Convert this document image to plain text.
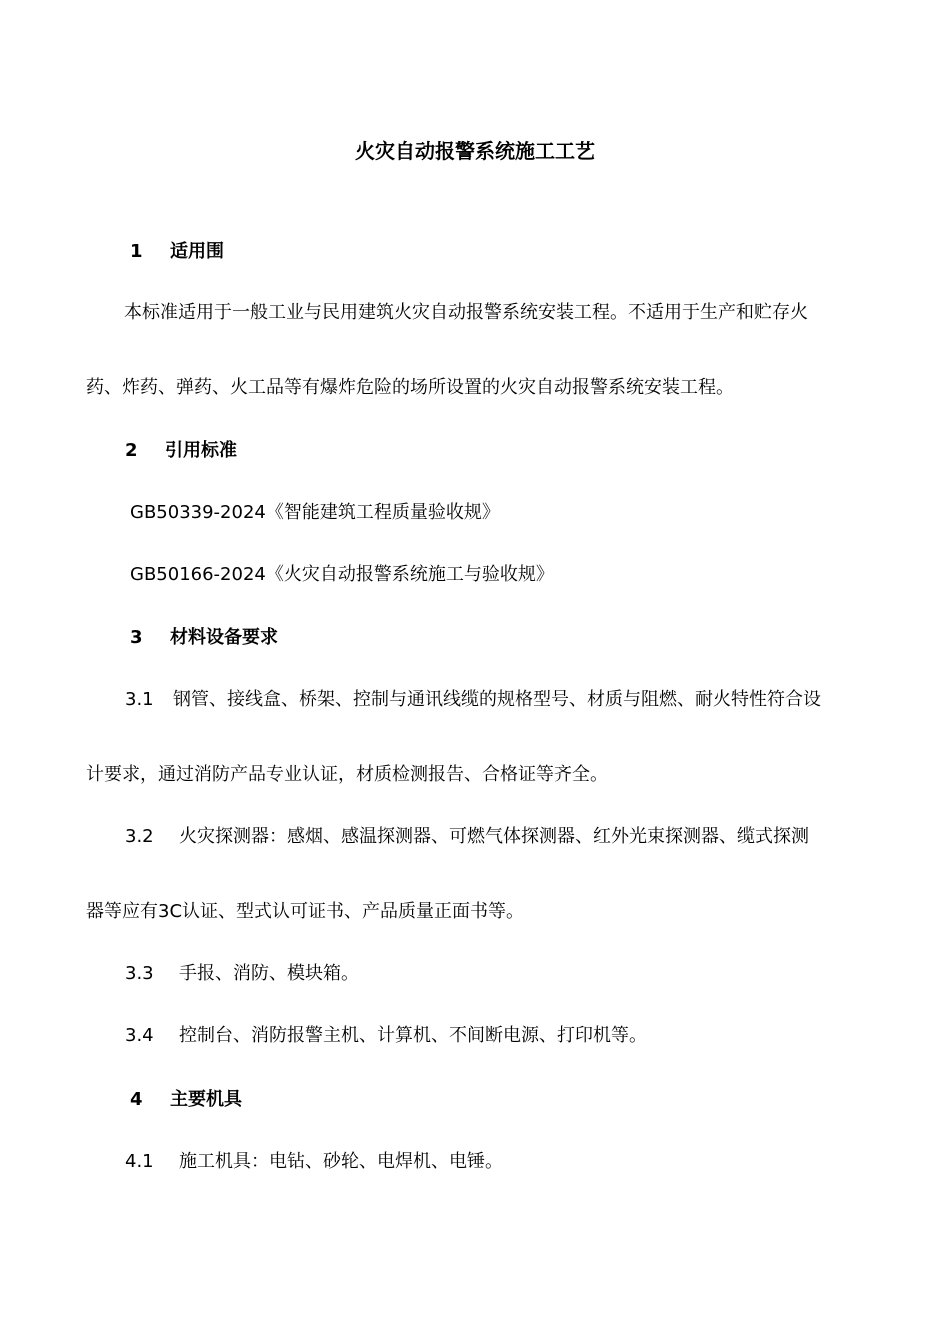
火灾自动报警系统施工工艺
1 适用围
本标准适用于一般工业与民用建筑火灾自动报警系统安装工程。不适用于生产和贮存火
药、炸药、弹药、火工品等有爆炸危险的场所设置的火灾自动报警系统安装工程。
2 引用标准
GB50339-2024《智能建筑工程质量验收规》
GB50166-2024《火灾自动报警系统施工与验收规》
3 材料设备要求
3.1 钢管、接线盒、桥架、控制与通讯线缆的规格型号、材质与阻燃、耐火特性符合设
计要求，通过消防产品专业认证，材质检测报告、合格证等齐全。
3.2 火灾探测器：感烟、感温探测器、可燃气体探测器、红外光束探测器、缆式探测
器等应有3C认证、型式认可证书、产品质量正面书等。
3.3 手报、消防、模块箱。
3.4 控制台、消防报警主机、计算机、不间断电源、打印机等。
4 主要机具
4.1 施工机具：电钻、砂轮、电焊机、电锤。
